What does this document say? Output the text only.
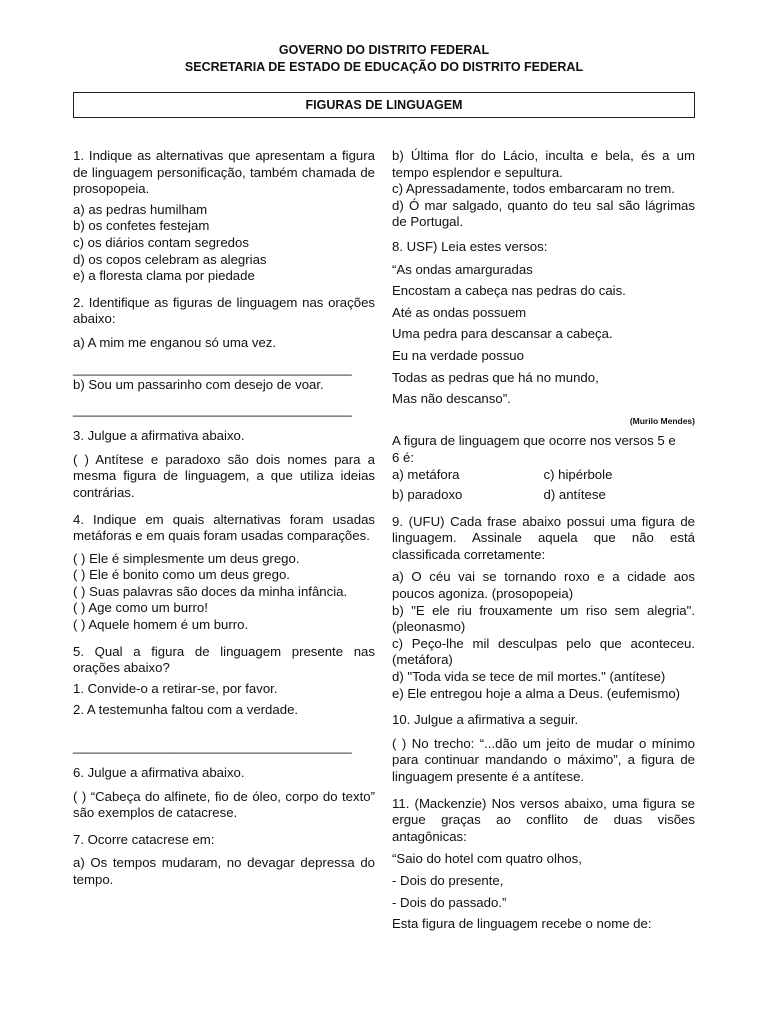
GOVERNO DO DISTRITO FEDERAL
SECRETARIA DE ESTADO DE EDUCAÇÃO DO DISTRITO FEDERAL
FIGURAS DE LINGUAGEM

1. Indique as alternativas que apresentam a figura de linguagem personificação, também chamada de prosopopeia.

a) as pedras humilham

b) os confetes festejam

c) os diários contam segredos

d) os copos celebram as alegrias

e) a floresta clama por piedade

2. Identifique as figuras de linguagem nas orações abaixo:

a) A mim me enganou só uma vez.

______________________________________

b) Sou um passarinho com desejo de voar.

______________________________________

3. Julgue a afirmativa abaixo.

( ) Antítese e paradoxo são dois nomes para a mesma figura de linguagem, a que utiliza ideias contrárias.

4. Indique em quais alternativas foram usadas metáforas e em quais foram usadas comparações.

( ) Ele é simplesmente um deus grego.

( ) Ele é bonito como um deus grego.

( ) Suas palavras são doces da minha infância.

( ) Age como um burro!

( ) Aquele homem é um burro.

5. Qual a figura de linguagem presente nas orações abaixo?

1. Convide-o a retirar-se, por favor.

2. A testemunha faltou com a verdade.

______________________________________

6. Julgue a afirmativa abaixo.

( ) “Cabeça do alfinete, fio de óleo, corpo do texto” são exemplos de catacrese.

7. Ocorre catacrese em:

a) Os tempos mudaram, no devagar depressa do tempo.

b) Última flor do Lácio, inculta e bela, és a um tempo esplendor e sepultura.

c) Apressadamente, todos embarcaram no trem.

d) Ó mar salgado, quanto do teu sal são lágrimas de Portugal.

8. USF) Leia estes versos:

“As ondas amarguradas

Encostam a cabeça nas pedras do cais.

Até as ondas possuem

Uma pedra para descansar a cabeça.

Eu na verdade possuo

Todas as pedras que há no mundo,

Mas não descanso”.

(Murilo Mendes)

A figura de linguagem que ocorre nos versos 5 e 6 é:

a) metáfora	c) hipérbole
b) paradoxo	d) antítese

9. (UFU) Cada frase abaixo possui uma figura de linguagem. Assinale aquela que não está classificada corretamente:

a) O céu vai se tornando roxo e a cidade aos poucos agoniza. (prosopopeia)

b) "E ele riu frouxamente um riso sem alegria". (pleonasmo)

c) Peço-lhe mil desculpas pelo que aconteceu. (metáfora)

d) "Toda vida se tece de mil mortes." (antítese)

e) Ele entregou hoje a alma a Deus. (eufemismo)

10. Julgue a afirmativa a seguir.

( ) No trecho: “...dão um jeito de mudar o mínimo para continuar mandando o máximo”, a figura de linguagem presente é a antítese.

11. (Mackenzie) Nos versos abaixo, uma figura se ergue graças ao conflito de duas visões antagônicas:

“Saio do hotel com quatro olhos,

- Dois do presente,

- Dois do passado.”

Esta figura de linguagem recebe o nome de:
